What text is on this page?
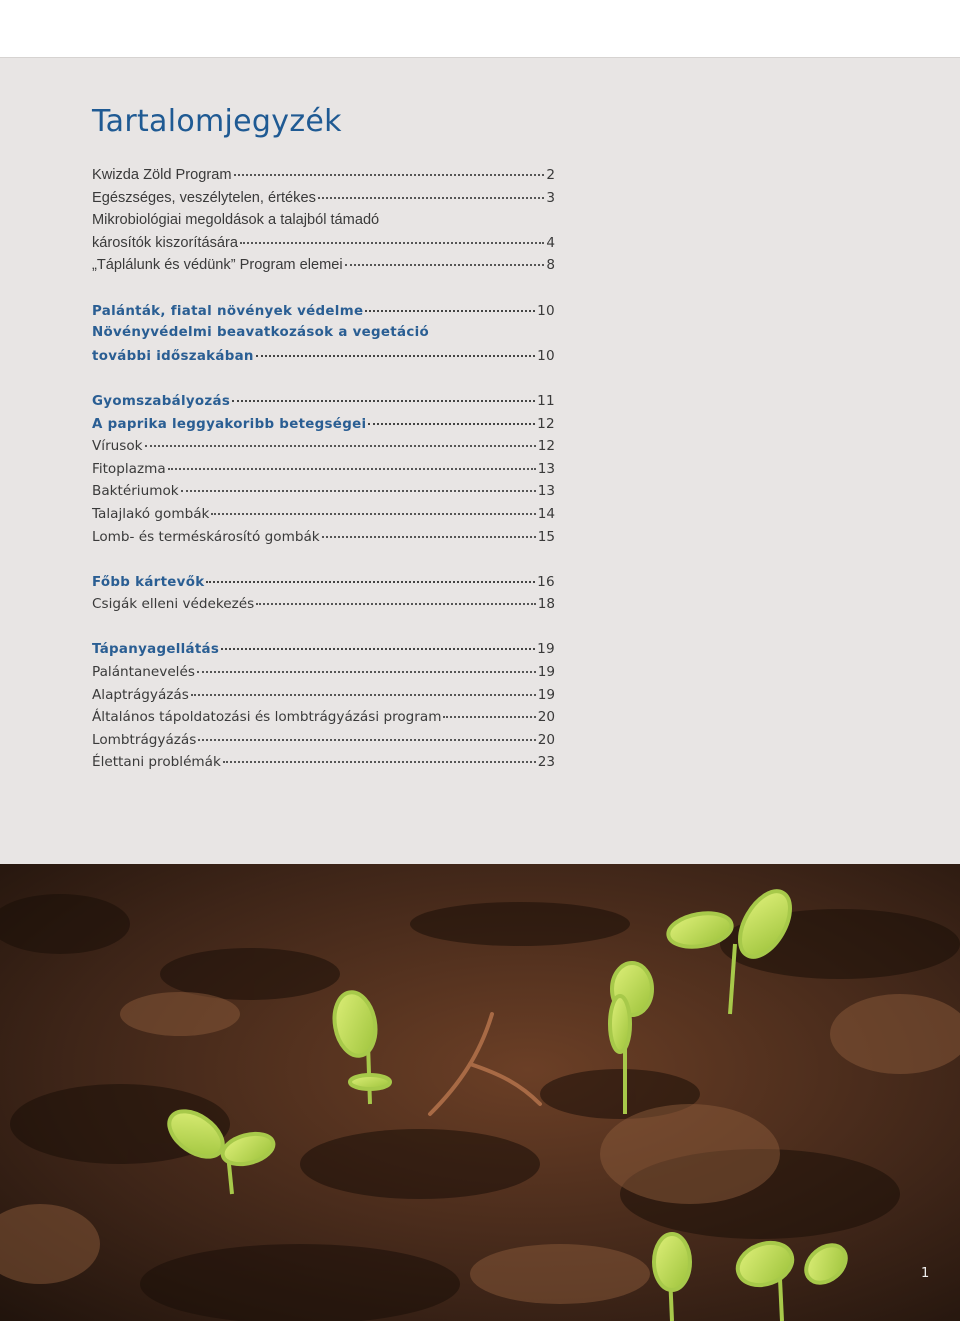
Tartalomjegyzék
Kwizda Zöld Program	2
Egészséges, veszélytelen, értékes	3
Mikrobiológiai megoldások a talajból támadó
károsítók kiszorítására	4
„Táplálunk és védünk” Program elemei	8
Palánták, fiatal növények védelme	10
Növényvédelmi beavatkozások a vegetáció
további időszakában	10
Gyomszabályozás	11
A paprika leggyakoribb betegségei	12
Vírusok	12
Fitoplazma	13
Baktériumok	13
Talajlakó gombák	14
Lomb- és terméskárosító gombák	15
Főbb kártevők	16
Csigák elleni védekezés	18
Tápanyagellátás	19
Palántanevelés	19
Alaptrágyázás	19
Általános tápoldatozási és lombtrágyázási program	20
Lombtrágyázás	20
Élettani problémák	23
1
